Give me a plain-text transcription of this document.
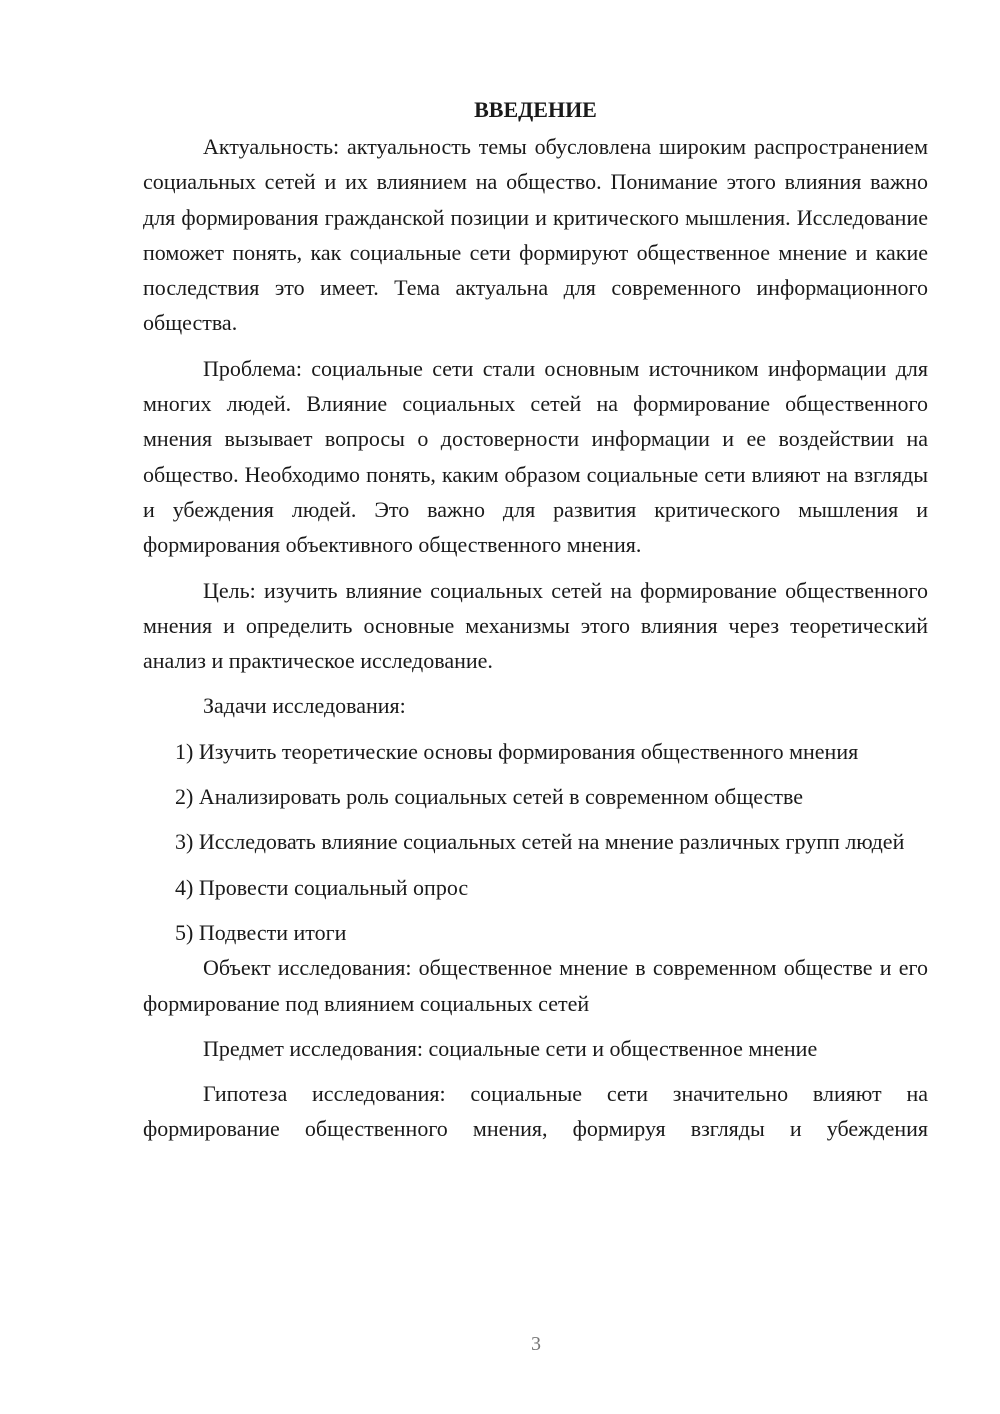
ВВЕДЕНИЕ

Актуальность: актуальность темы обусловлена широким распространением социальных сетей и их влиянием на общество. Понимание этого влияния важно для формирования гражданской позиции и критического мышления. Исследование поможет понять, как социальные сети формируют общественное мнение и какие последствия это имеет. Тема актуальна для современного информационного общества.

Проблема: социальные сети стали основным источником информации для многих людей. Влияние социальных сетей на формирование общественного мнения вызывает вопросы о достоверности информации и ее воздействии на общество. Необходимо понять, каким образом социальные сети влияют на взгляды и убеждения людей. Это важно для развития критического мышления и формирования объективного общественного мнения.

Цель: изучить влияние социальных сетей на формирование общественного мнения и определить основные механизмы этого влияния через теоретический анализ и практическое исследование.

Задачи исследования:

1) Изучить теоретические основы формирования общественного мнения

2) Анализировать роль социальных сетей в современном обществе

3) Исследовать влияние социальных сетей на мнение различных групп людей

4) Провести социальный опрос

5) Подвести итоги

Объект исследования: общественное мнение в современном обществе и его формирование под влиянием социальных сетей

Предмет исследования: социальные сети и общественное мнение

Гипотеза исследования: социальные сети значительно влияют на формирование общественного мнения, формируя взгляды и убеждения

3
